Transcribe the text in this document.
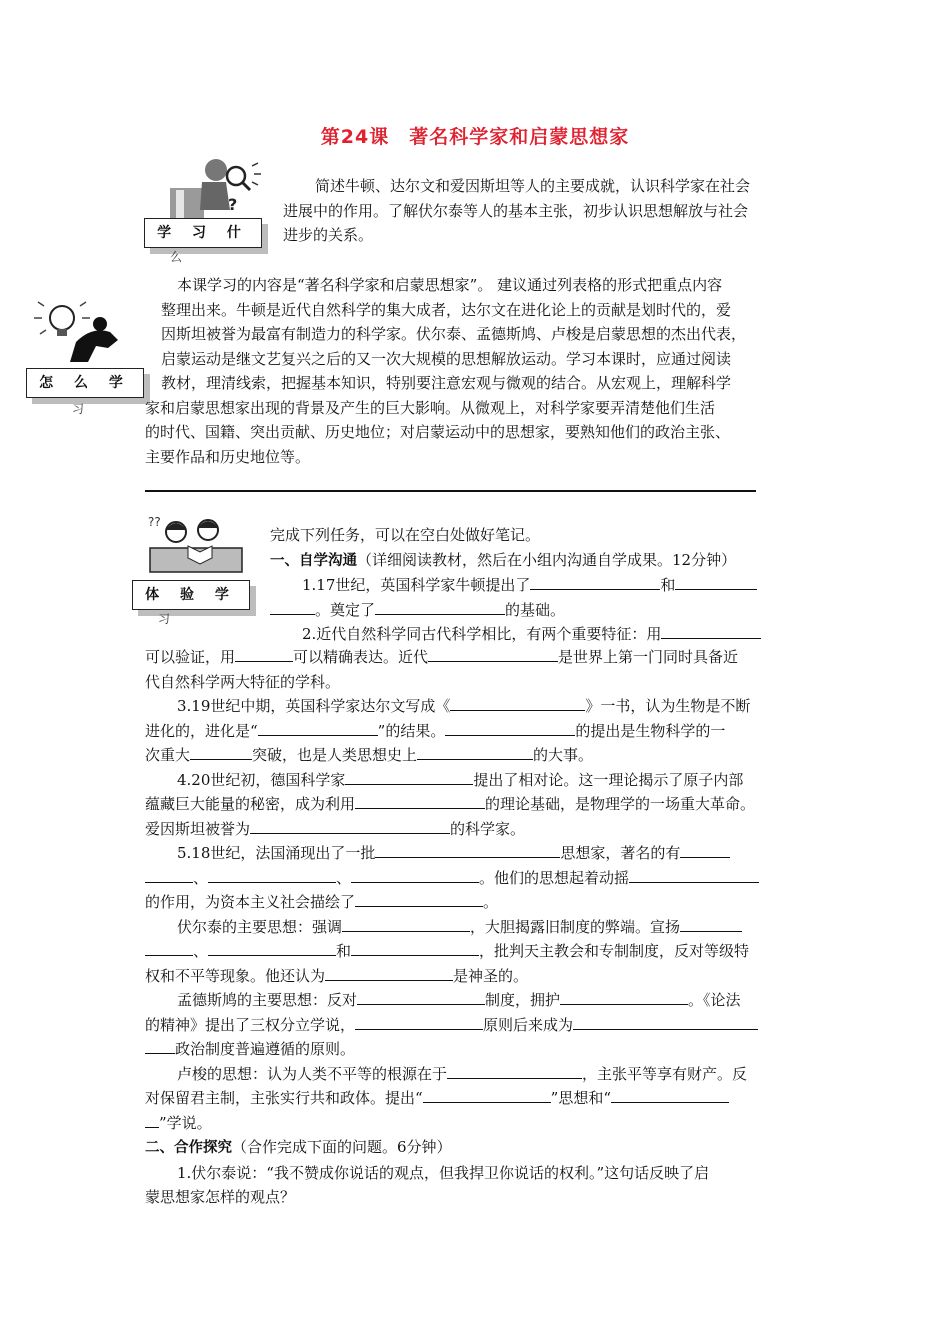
第24课　著名科学家和启蒙思想家
?
学 习 什
么
简述牛顿、达尔文和爱因斯坦等人的主要成就，认识科学家在社会
进展中的作用。了解伏尔泰等人的基本主张，初步认识思想解放与社会
进步的关系。
怎 么 学
习
本课学习的内容是“著名科学家和启蒙思想家”。 建议通过列表格的形式把重点内容
整理出来。牛顿是近代自然科学的集大成者，达尔文在进化论上的贡献是划时代的，爱
因斯坦被誉为最富有制造力的科学家。伏尔泰、孟德斯鸠、卢梭是启蒙思想的杰出代表，
启蒙运动是继文艺复兴之后的又一次大规模的思想解放运动。学习本课时，应通过阅读
教材，理清线索，把握基本知识，特别要注意宏观与微观的结合。从宏观上，理解科学
家和启蒙思想家出现的背景及产生的巨大影响。从微观上，对科学家要弄清楚他们生活
的时代、国籍、突出贡献、历史地位；对启蒙运动中的思想家，要熟知他们的政治主张、
主要作品和历史地位等。
??
体 验 学
习
完成下列任务，可以在空白处做好笔记。
一、自学沟通（详细阅读教材，然后在小组内沟通自学成果。12分钟）
1.17世纪，英国科学家牛顿提出了	和
。奠定了	的基础。
2.近代自然科学同古代科学相比，有两个重要特征：用
可以验证，用	可以精确表达。近代	是世界上第一门同时具备近
代自然科学两大特征的学科。
3.19世纪中期，英国科学家达尔文写成《	》一书，认为生物是不断
进化的，进化是“	”的结果。	的提出是生物科学的一
次重大	突破，也是人类思想史上	的大事。
4.20世纪初，德国科学家	提出了相对论。这一理论揭示了原子内部
蕴藏巨大能量的秘密，成为利用	的理论基础，是物理学的一场重大革命。
爱因斯坦被誉为	的科学家。
5.18世纪，法国涌现出了一批	思想家，著名的有
、	、	。他们的思想起着动摇
的作用，为资本主义社会描绘了	。
伏尔泰的主要思想：强调	，大胆揭露旧制度的弊端。宣扬
、	和	，批判天主教会和专制制度，反对等级特
权和不平等现象。他还认为	是神圣的。
孟德斯鸠的主要思想：反对	制度，拥护	。《论法
的精神》提出了三权分立学说，	原则后来成为
政治制度普遍遵循的原则。
卢梭的思想：认为人类不平等的根源在于	，主张平等享有财产。反
对保留君主制，主张实行共和政体。提出“	”思想和“
”学说。
二、合作探究（合作完成下面的问题。6分钟）
1.伏尔泰说：“我不赞成你说话的观点，但我捍卫你说话的权利。”这句话反映了启
蒙思想家怎样的观点？
